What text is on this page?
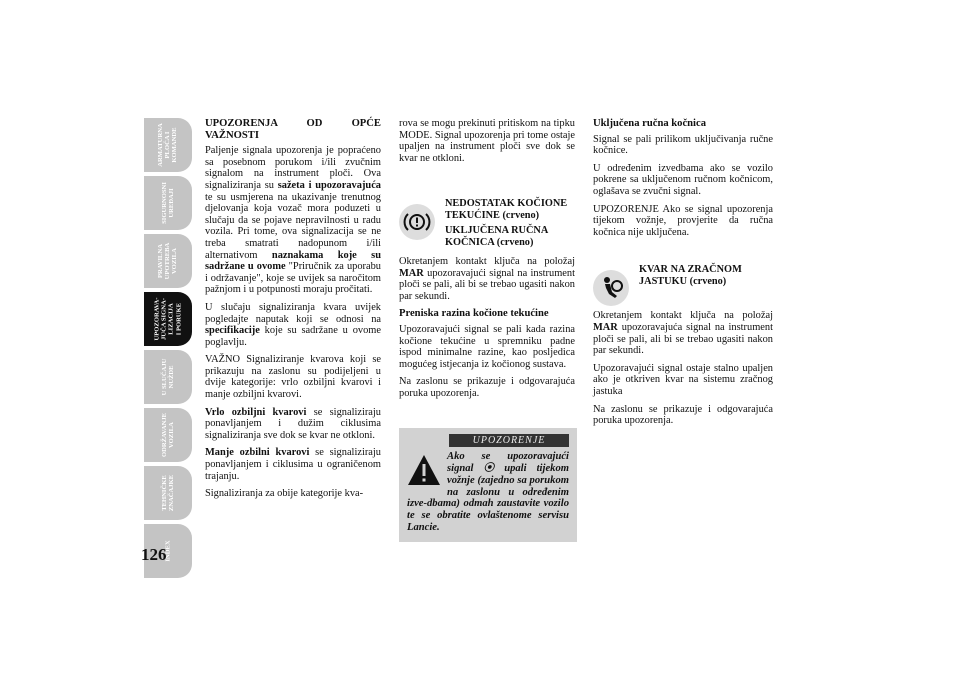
ARMATURNA
PLOČA I
KOMANDE
SIGURNOSNI
UREĐAJI
PRAVILNA
UPOTREBA
VOZILA
UPOZORAVA-
JUĆA SIGNA-
LIZACIJA
I PORUKE
U SLUČAJU
NUŽDE
ODRŽAVANJE
VOZILA
TEHNIČKE
ZNAČAJKE
INDEX
126

UPOZORENJA OD OPĆE VAŽNOSTI

Paljenje signala upozorenja je popraćeno sa posebnom porukom i/ili zvučnim signalom na instrument ploči. Ova signaliziranja su sažeta i upozoravajuća te su usmjerena na ukazivanje trenutnog djelovanja koja vozač mora poduzeti u slučaju da se pojave nepravilnosti u radu vozila. Pri tome, ova signalizacija se ne treba smatrati nadopunom i/ili alternativom naznakama koje su sadržane u ovome "Priručnik za uporabu i održavanje", koje se uvijek sa naročitom pažnjom i u potpunosti moraju pročitati.

U slučaju signaliziranja kvara uvijek pogledajte naputak koji se odnosi na specifikacije koje su sadržane u ovome poglavlju.

VAŽNO Signaliziranje kvarova koji se prikazuju na zaslonu su podijeljeni u dvije kategorije: vrlo ozbiljni kvarovi i manje ozbiljni kvarovi.

Vrlo ozbiljni kvarovi se signaliziraju ponavljanjem i dužim ciklusima signaliziranja sve dok se kvar ne otkloni.

Manje ozbilni kvarovi se signaliziraju ponavljanjem i ciklusima u ograničenom trajanju.

Signaliziranja za obije kategorije kva-

rova se mogu prekinuti pritiskom na tipku MODE. Signal upozorenja pri tome ostaje upaljen na instrument ploči sve dok se kvar ne otkloni.

NEDOSTATAK KOČIONE TEKUĆINE (crveno)

UKLJUČENA RUČNA KOČNICA (crveno)

Okretanjem kontakt ključa na položaj MAR upozoravajući signal na instrument ploči se pali, ali bi se trebao ugasiti nakon par sekundi.

Preniska razina kočione tekućine

Upozoravajući signal se pali kada razina kočione tekućine u spremniku padne ispod minimalne razine, kao posljedica mogućeg istjecanja iz kočionog sustava.

Na zaslonu se prikazuje i odgovarajuća poruka upozorenja.

UPOZORENJE
Ako se upozoravajući signal ⦿ upali tijekom vožnje (zajedno sa porukom na zaslonu u određenim izve-dbama) odmah zaustavite vozilo te se obratite ovlaštenome servisu Lancie.

Uključena ručna kočnica

Signal se pali prilikom uključivanja ručne kočnice.

U određenim izvedbama ako se vozilo pokrene sa uključenom ručnom kočnicom, oglašava se zvučni signal.

UPOZORENJE Ako se signal upozorenja tijekom vožnje, provjerite da ručna kočnica nije uključena.

KVAR NA ZRAČNOM JASTUKU (crveno)

Okretanjem kontakt ključa na položaj MAR upozoravajuća signal na instrument ploči se pali, ali bi se trebao ugasiti nakon par sekundi.

Upozoravajući signal ostaje stalno upaljen ako je otkriven kvar na sistemu zračnog jastuka

Na zaslonu se prikazuje i odgovarajuća poruka upozorenja.
